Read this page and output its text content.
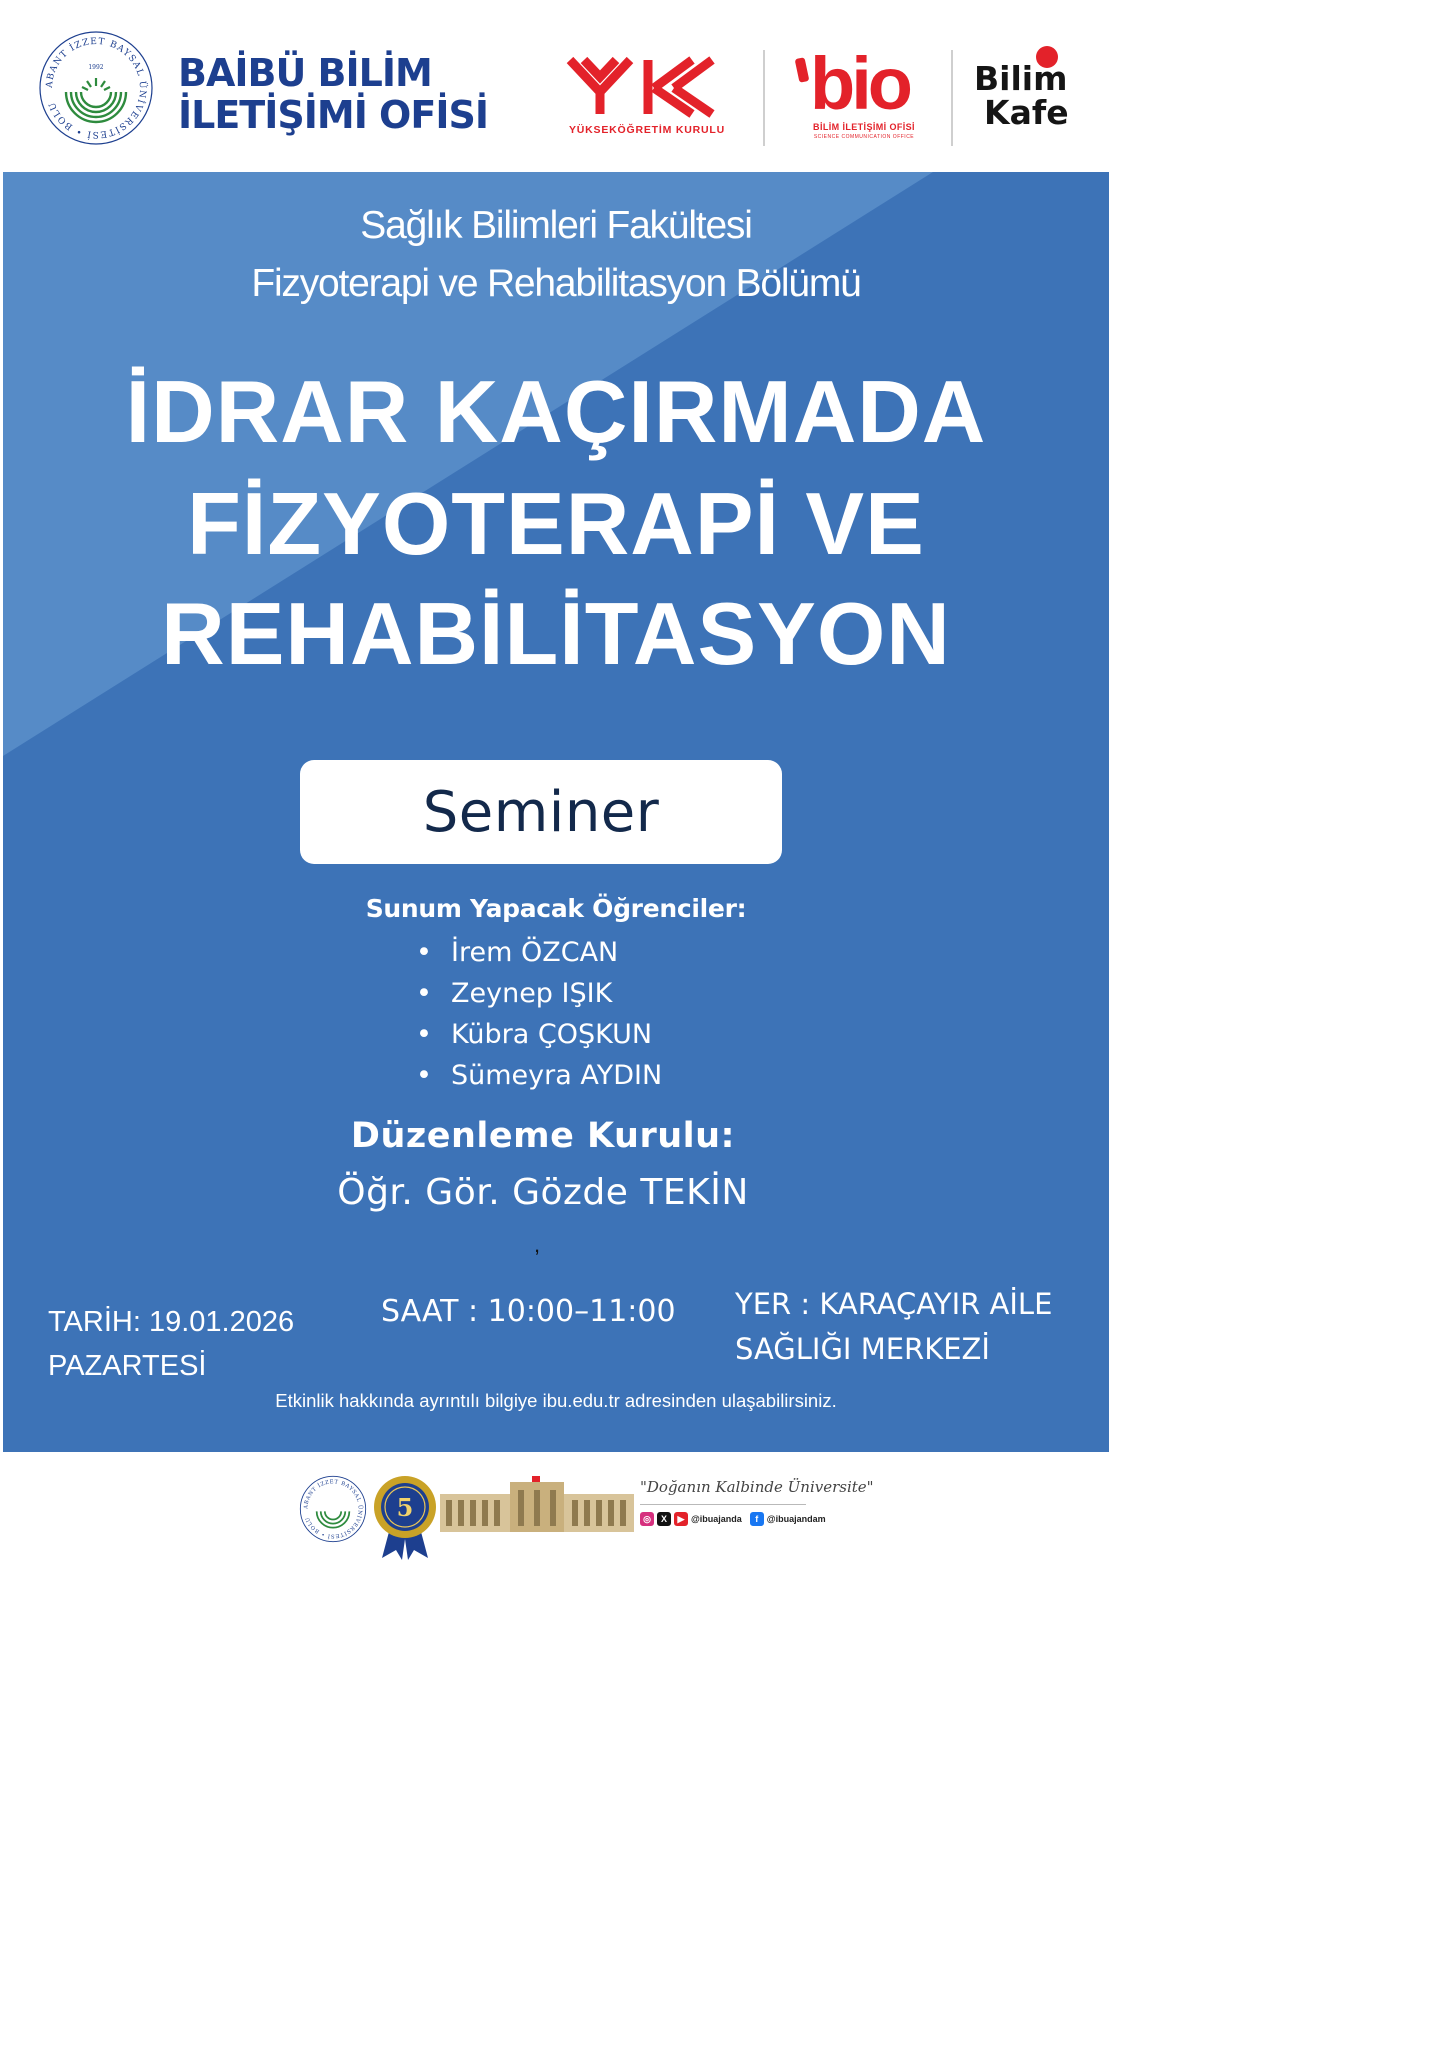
ABANT İZZET BAYSAL ÜNİVERSİTESİ • BOLU
1992 BAİBÜ BİLİM
İLETİŞİMİ OFİSİ	YÜKSEKÖĞRETİM KURULU
bio
BİLİM İLETİŞİMİ OFİSİ
SCIENCE COMMUNICATION OFFICE
Bilim
Kafe
Sağlık Bilimleri Fakültesi
Fizyoterapi ve Rehabilitasyon Bölümü
İDRAR KAÇIRMADA
FİZYOTERAPİ VE
REHABİLİTASYON
Seminer
Sunum Yapacak Öğrenciler:
• İrem ÖZCAN
• Zeynep IŞIK
• Kübra ÇOŞKUN
• Sümeyra AYDIN
Düzenleme Kurulu:
Öğr. Gör. Gözde TEKİN
,
TARİH: 19.01.2026
PAZARTESİ
SAAT : 10:00–11:00 YER : KARAÇAYIR AİLE
SAĞLIĞI MERKEZİ
Etkinlik hakkında ayrıntılı bilgiye ibu.edu.tr adresinden ulaşabilirsiniz.
ABANT İZZET BAYSAL ÜNİVERSİTESİ • BOLU	5
"Doğanın Kalbinde Üniversite"
◎	X	▶ @ibuajanda	f @ibuajandam
